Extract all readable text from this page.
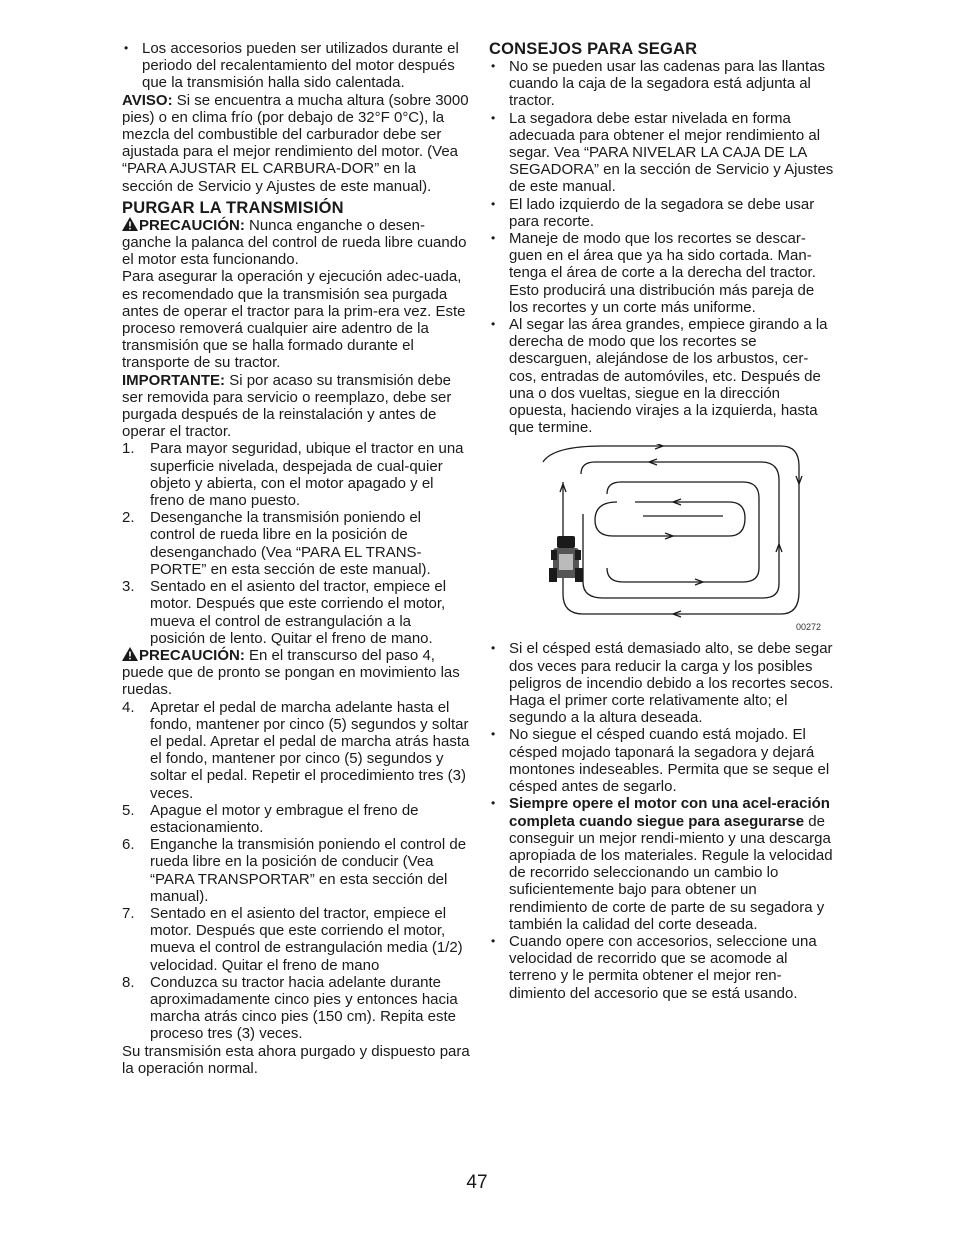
• Los accesorios pueden ser utilizados durante el periodo del recalentamiento del motor después que la transmisión halla sido calentada.

AVISO: Si se encuentra a mucha altura (sobre 3000 pies) o en clima frío (por debajo de 32°F 0°C), la mezcla del combustible del carburador debe ser ajustada para el mejor rendimiento del motor. (Vea “PARA AJUSTAR EL CARBURA-DOR” en la sección de Servicio y Ajustes de este manual).

PURGAR LA TRANSMISIÓN

PRECAUCIÓN: Nunca enganche o desen-ganche la palanca del control de rueda libre cuando el motor esta funcionando.

Para asegurar la operación y ejecución adec-uada, es recomendado que la transmisión sea purgada antes de operar el tractor para la prim-era vez. Este proceso removerá cualquier aire adentro de la transmisión que se halla formado durante el transporte de su tractor.

IMPORTANTE: Si por acaso su transmisión debe ser removida para servicio o reemplazo, debe ser purgada después de la reinstalación y antes de operar el tractor.

1. Para mayor seguridad, ubique el tractor en una superficie nivelada, despejada de cual-quier objeto y abierta, con el motor apagado y el freno de mano puesto.
2. Desenganche la transmisión poniendo el control de rueda libre en la posición de desenganchado (Vea “PARA EL TRANS-PORTE” en esta sección de este manual).
3. Sentado en el asiento del tractor, empiece el motor. Después que este corriendo el motor, mueva el control de estrangulación a la posición de lento. Quitar el freno de mano.

PRECAUCIÓN: En el transcurso del paso 4, puede que de pronto se pongan en movimiento las ruedas.

4. Apretar el pedal de marcha adelante hasta el fondo, mantener por cinco (5) segundos y soltar el pedal. Apretar el pedal de marcha atrás hasta el fondo, mantener por cinco (5) segundos y soltar el pedal. Repetir el procedimiento tres (3) veces.
5. Apague el motor y embrague el freno de estacionamiento.
6. Enganche la transmisión poniendo el control de rueda libre en la posición de conducir (Vea “PARA TRANSPORTAR” en esta sección del manual).
7. Sentado en el asiento del tractor, empiece el motor. Después que este corriendo el motor, mueva el control de estrangulación media (1/2) velocidad. Quitar el freno de mano
8. Conduzca su tractor hacia adelante durante aproximadamente cinco pies y entonces hacia marcha atrás cinco pies (150 cm). Repita este proceso tres (3) veces.

Su transmisión esta ahora purgado y dispuesto para la operación normal.

CONSEJOS PARA SEGAR

• No se pueden usar las cadenas para las llantas cuando la caja de la segadora está adjunta al tractor.

• La segadora debe estar nivelada en forma adecuada para obtener el mejor rendimiento al segar. Vea “PARA NIVELAR LA CAJA DE LA SEGADORA” en la sección de Servicio y Ajustes de este manual.

• El lado izquierdo de la segadora se debe usar para recorte.

• Maneje de modo que los recortes se descar-guen en el área que ya ha sido cortada. Man-tenga el área de corte a la derecha del tractor. Esto producirá una distribución más pareja de los recortes y un corte más uniforme.

• Al segar las área grandes, empiece girando a la derecha de modo que los recortes se descarguen, alejándose de los arbustos, cer-cos, entradas de automóviles, etc. Después de una o dos vueltas, siegue en la dirección opuesta, haciendo virajes a la izquierda, hasta que termine.

00272

• Si el césped está demasiado alto, se debe segar dos veces para reducir la carga y los posibles peligros de incendio debido a los recortes secos. Haga el primer corte relativamente alto; el segundo a la altura deseada.

• No siegue el césped cuando está mojado. El césped mojado taponará la segadora y dejará montones indeseables. Permita que se seque el césped antes de segarlo.

• Siempre opere el motor con una acel-eración completa cuando siegue para asegurarse de conseguir un mejor rendi-miento y una descarga apropiada de los materiales. Regule la velocidad de recorrido seleccionando un cambio lo suficientemente bajo para obtener un rendimiento de corte de parte de su segadora y también la calidad del corte deseada.

• Cuando opere con accesorios, seleccione una velocidad de recorrido que se acomode al terreno y le permita obtener el mejor ren-dimiento del accesorio que se está usando.

47
